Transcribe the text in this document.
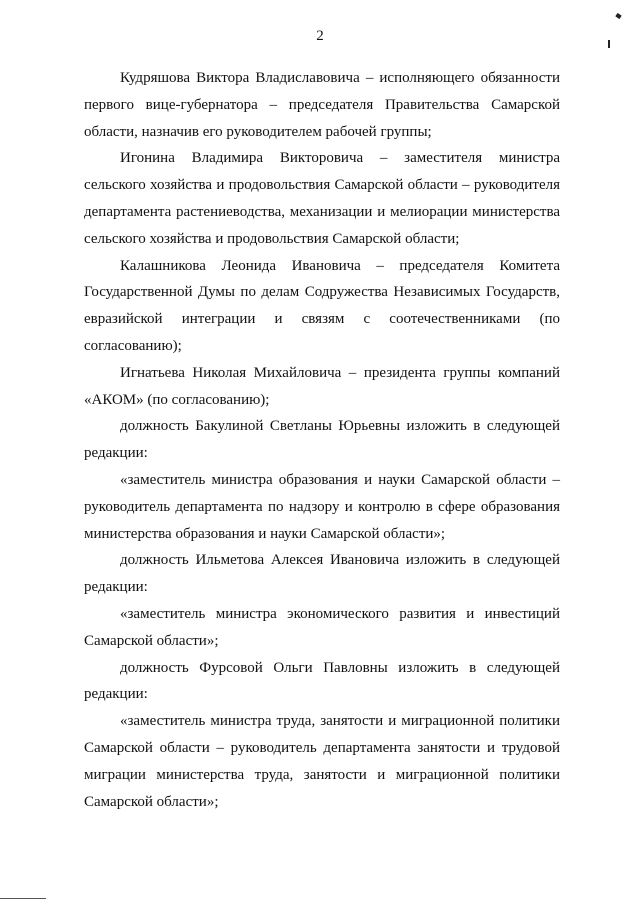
2

Кудряшова Виктора Владиславовича – исполняющего обязанности первого вице-губернатора – председателя Правительства Самарской области, назначив его руководителем рабочей группы;

Игонина Владимира Викторовича – заместителя министра сельского хозяйства и продовольствия Самарской области – руководителя департамента растениеводства, механизации и мелиорации министерства сельского хозяйства и продовольствия Самарской области;

Калашникова Леонида Ивановича – председателя Комитета Государственной Думы по делам Содружества Независимых Государств, евразийской интеграции и связям с соотечественниками (по согласованию);

Игнатьева Николая Михайловича – президента группы компаний «АКОМ» (по согласованию);

должность Бакулиной Светланы Юрьевны изложить в следующей редакции:

«заместитель министра образования и науки Самарской области – руководитель департамента по надзору и контролю в сфере образования министерства образования и науки Самарской области»;

должность Ильметова Алексея Ивановича изложить в следующей редакции:

«заместитель министра экономического развития и инвестиций Самарской области»;

должность Фурсовой Ольги Павловны изложить в следующей редакции:

«заместитель министра труда, занятости и миграционной политики Самарской области – руководитель департамента занятости и трудовой миграции министерства труда, занятости и миграционной политики Самарской области»;
